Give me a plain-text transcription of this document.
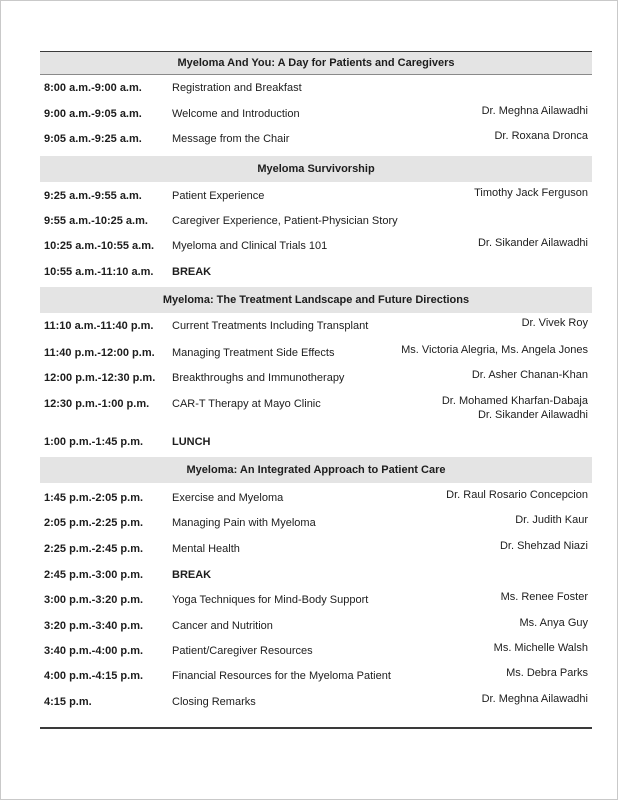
Myeloma And You: A Day for Patients and Caregivers
8:00 a.m.-9:00 a.m.	Registration and Breakfast
9:00 a.m.-9:05 a.m.	Welcome and Introduction	Dr. Meghna Ailawadhi
9:05 a.m.-9:25 a.m.	Message from the Chair	Dr. Roxana Dronca
Myeloma Survivorship
9:25 a.m.-9:55 a.m.	Patient Experience	Timothy Jack Ferguson
9:55 a.m.-10:25 a.m. Caregiver Experience, Patient-Physician Story
10:25 a.m.-10:55 a.m. Myeloma and Clinical Trials 101	Dr. Sikander Ailawadhi
10:55 a.m.-11:10 a.m. BREAK
Myeloma: The Treatment Landscape and Future Directions
11:10 a.m.-11:40 p.m. Current Treatments Including Transplant	Dr. Vivek Roy
11:40 p.m.-12:00 p.m. Managing Treatment Side Effects	Ms. Victoria Alegria, Ms. Angela Jones
12:00 p.m.-12:30 p.m. Breakthroughs and Immunotherapy	Dr. Asher Chanan-Khan
12:30 p.m.-1:00 p.m. CAR-T Therapy at Mayo Clinic	Dr. Mohamed Kharfan-Dabaja
Dr. Sikander Ailawadhi
1:00 p.m.-1:45 p.m.	LUNCH
Myeloma: An Integrated Approach to Patient Care
1:45 p.m.-2:05 p.m.	Exercise and Myeloma	Dr. Raul Rosario Concepcion
2:05 p.m.-2:25 p.m.	Managing Pain with Myeloma	Dr. Judith Kaur
2:25 p.m.-2:45 p.m.	Mental Health	Dr. Shehzad Niazi
2:45 p.m.-3:00 p.m.	BREAK
3:00 p.m.-3:20 p.m.	Yoga Techniques for Mind-Body Support	Ms. Renee Foster
3:20 p.m.-3:40 p.m.	Cancer and Nutrition	Ms. Anya Guy
3:40 p.m.-4:00 p.m.	Patient/Caregiver Resources	Ms. Michelle Walsh
4:00 p.m.-4:15 p.m.	Financial Resources for the Myeloma Patient	Ms. Debra Parks
4:15 p.m.	Closing Remarks	Dr. Meghna Ailawadhi
